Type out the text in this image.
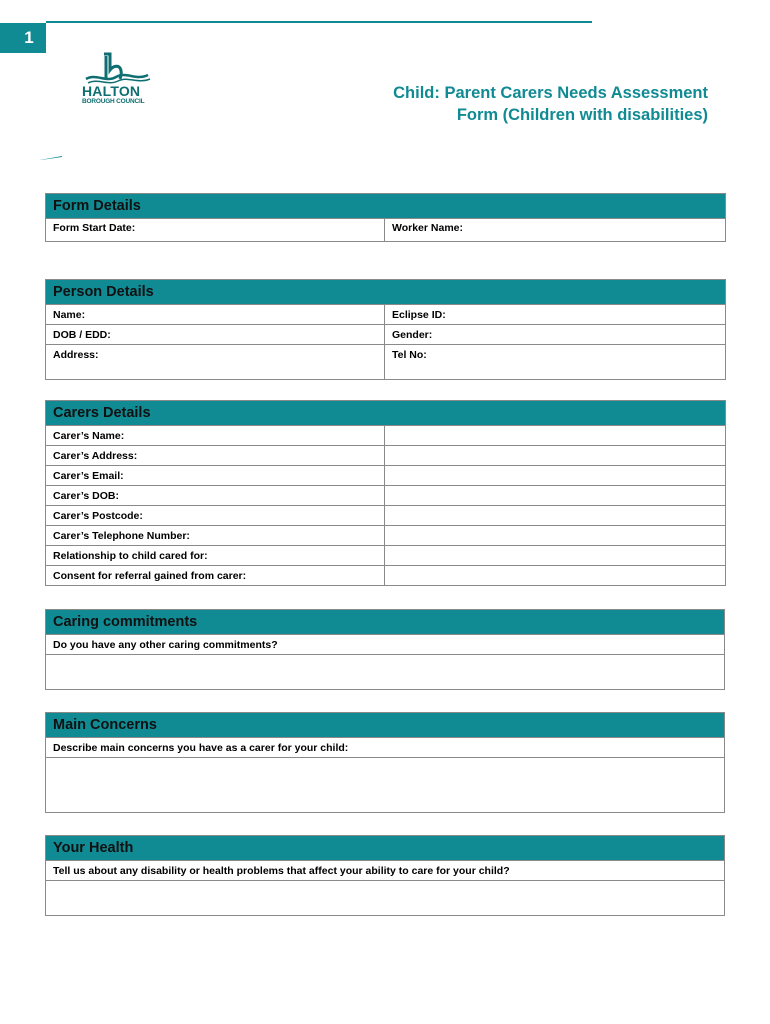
1
HALTON
BOROUGH COUNCIL	Child: Parent Carers Needs Assessment
Form (Children with disabilities)
Form Details
Form Start Date:	Worker Name:
Person Details	
Name:	Eclipse ID:
DOB / EDD:	Gender:
Address:	Tel No:
Carers Details	
Carer’s Name:	
Carer’s Address:	
Carer’s Email:	
Carer’s DOB:	
Carer’s Postcode:	
Carer’s Telephone Number:	
Relationship to child cared for:	
Consent for referral gained from carer:	
Caring commitments
Do you have any other caring commitments?

Main Concerns
Describe main concerns you have as a carer for your child:

Your Health
Tell us about any disability or health problems that affect your ability to care for your child?
